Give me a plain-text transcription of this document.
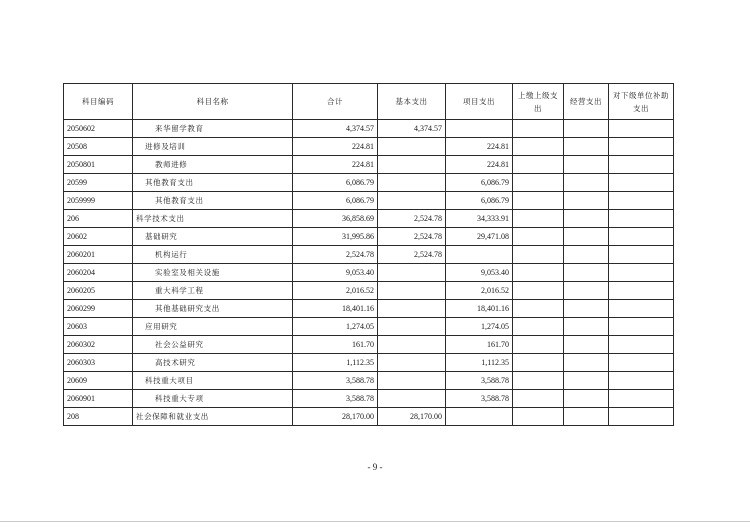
科目编码	科目名称	合计	基本支出	项目支出	上缴上级支出	经营支出	对下级单位补助支出
2050602	来华留学教育	4,374.57	4,374.57				
20508	进修及培训	224.81		224.81			
2050801	教师进修	224.81		224.81			
20599	其他教育支出	6,086.79		6,086.79			
2059999	其他教育支出	6,086.79		6,086.79			
206	科学技术支出	36,858.69	2,524.78	34,333.91			
20602	基础研究	31,995.86	2,524.78	29,471.08			
2060201	机构运行	2,524.78	2,524.78				
2060204	实验室及相关设施	9,053.40		9,053.40			
2060205	重大科学工程	2,016.52		2,016.52			
2060299	其他基础研究支出	18,401.16		18,401.16			
20603	应用研究	1,274.05		1,274.05			
2060302	社会公益研究	161.70		161.70			
2060303	高技术研究	1,112.35		1,112.35			
20609	科技重大项目	3,588.78		3,588.78			
2060901	科技重大专项	3,588.78		3,588.78			
208	社会保障和就业支出	28,170.00	28,170.00				
- 9 -
